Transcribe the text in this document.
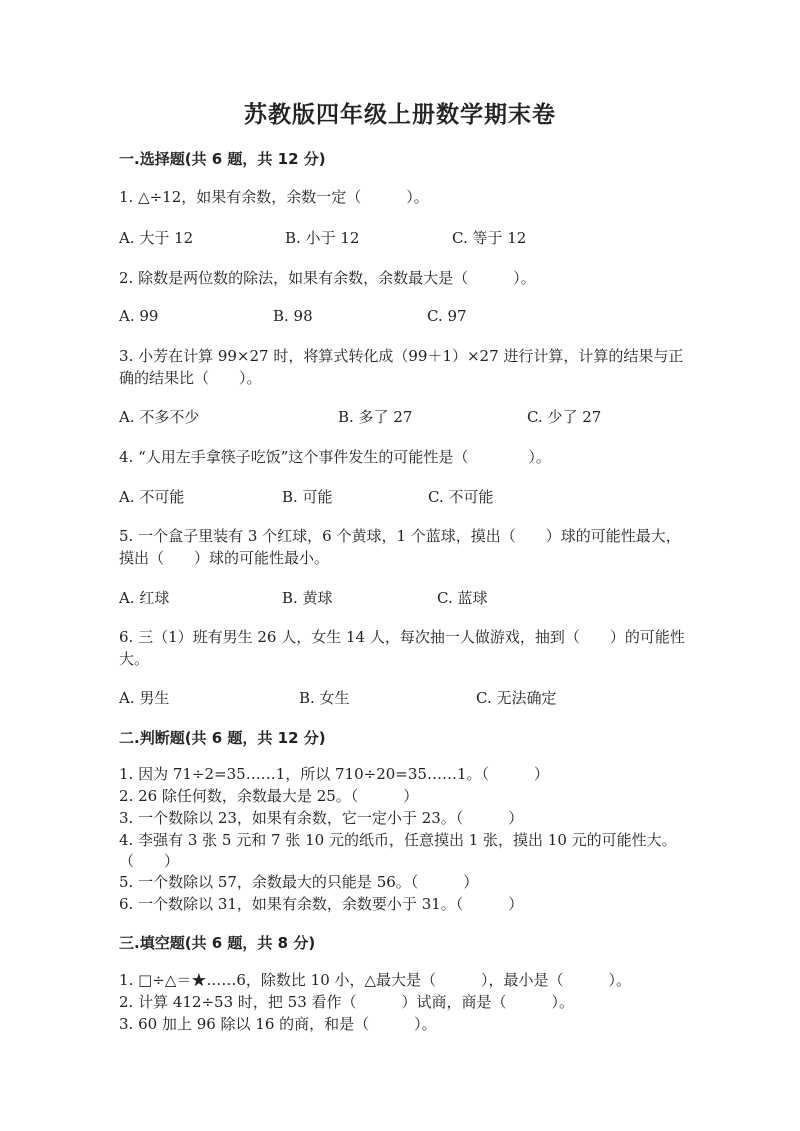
苏教版四年级上册数学期末卷
一.选择题(共 6 题，共 12 分)
1. △÷12，如果有余数，余数一定（　　　）。
A. 大于 12	B. 小于 12	C. 等于 12
2. 除数是两位数的除法，如果有余数，余数最大是（　　　）。
A. 99	B. 98	C. 97
3. 小芳在计算 99×27 时，将算式转化成（99＋1）×27 进行计算，计算的结果与正确的结果比（　　）。
A. 不多不少	B. 多了 27	C. 少了 27
4. “人用左手拿筷子吃饭”这个事件发生的可能性是（　　　　）。
A. 不可能	B. 可能	C. 不可能
5. 一个盒子里装有 3 个红球，6 个黄球，1 个蓝球，摸出（　　）球的可能性最大，摸出（　　）球的可能性最小。
A. 红球	B. 黄球	C. 蓝球
6. 三（1）班有男生 26 人，女生 14 人，每次抽一人做游戏，抽到（　　）的可能性大。
A. 男生	B. 女生	C. 无法确定
二.判断题(共 6 题，共 12 分)
1. 因为 71÷2=35……1，所以 710÷20=35……1。（　　　）
2. 26 除任何数，余数最大是 25。（　　　）
3. 一个数除以 23，如果有余数，它一定小于 23。（　　　）
4. 李强有 3 张 5 元和 7 张 10 元的纸币，任意摸出 1 张，摸出 10 元的可能性大。　　（　　）
5. 一个数除以 57，余数最大的只能是 56。（　　　）
6. 一个数除以 31，如果有余数，余数要小于 31。（　　　）
三.填空题(共 6 题，共 8 分)
1. □÷△＝★……6，除数比 10 小，△最大是（　　　），最小是（　　　）。
2. 计算 412÷53 时，把 53 看作（　　　）试商，商是（　　　）。
3. 60 加上 96 除以 16 的商，和是（　　　）。
